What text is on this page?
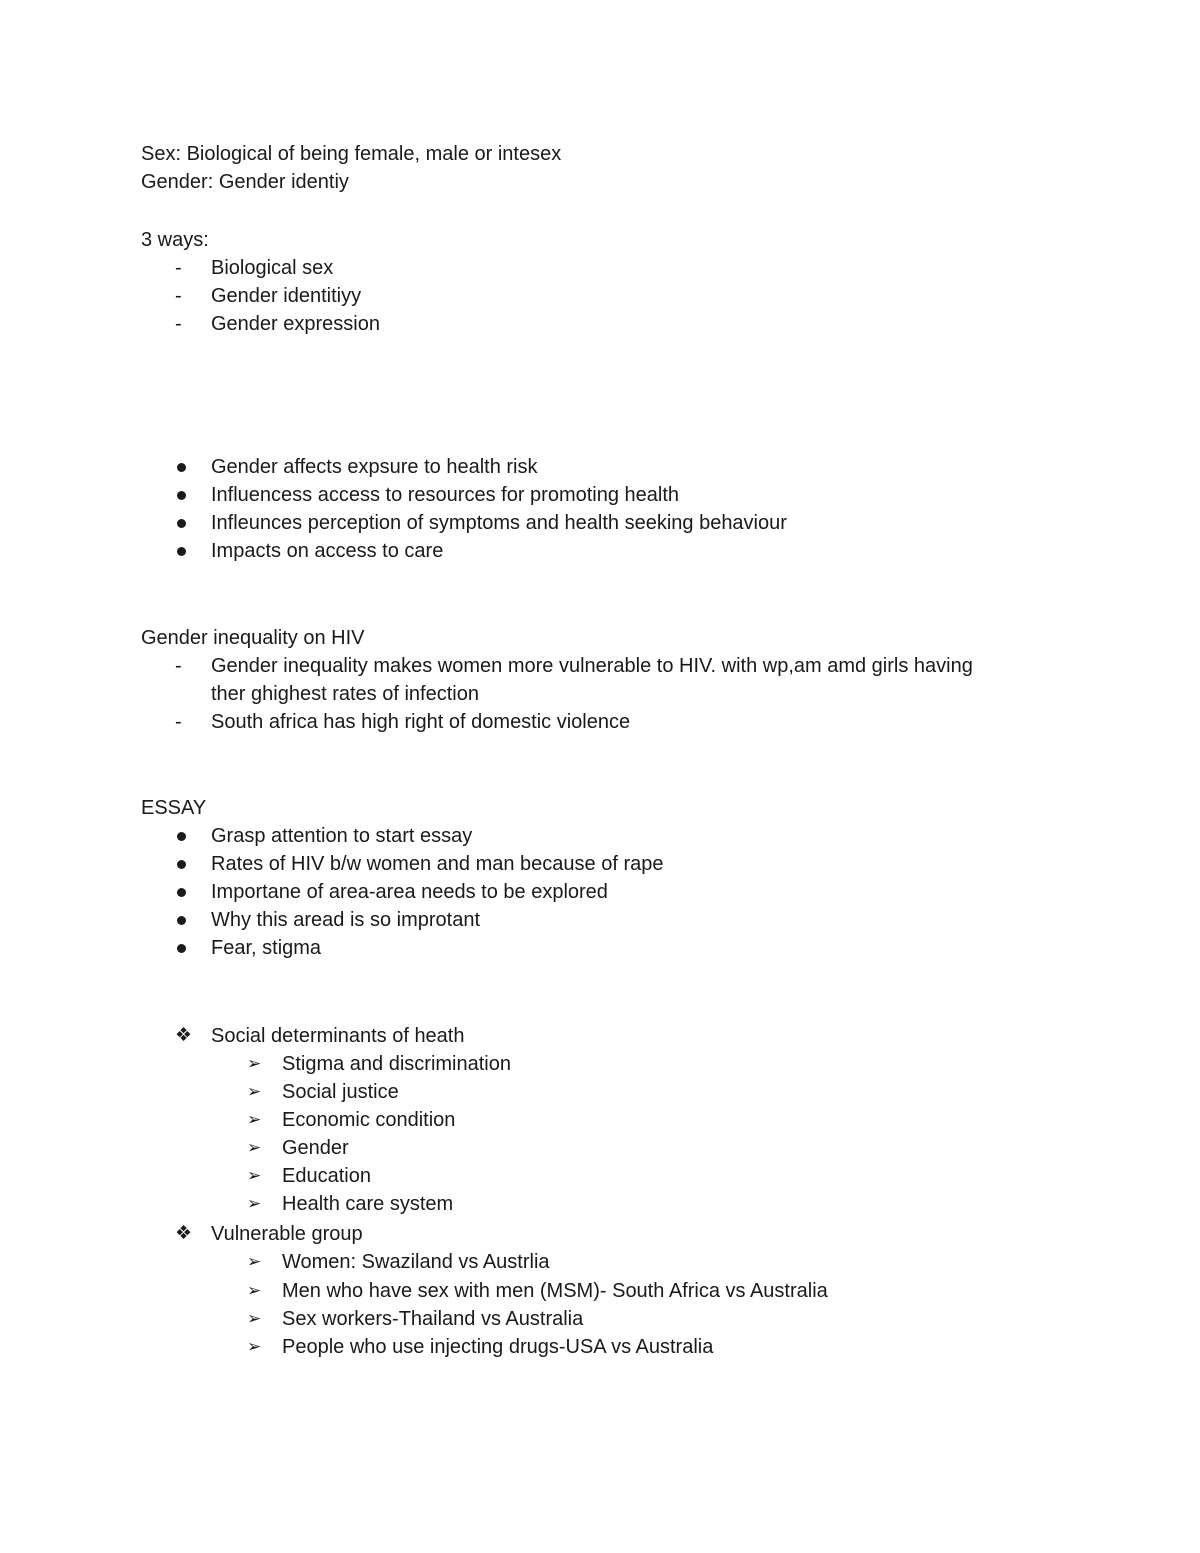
Sex: Biological of being female, male or intesex
Gender: Gender identiy
3 ways:
- Biological sex
- Gender identitiyy
- Gender expression
Gender affects expsure to health risk
Influencess access to resources for promoting health
Infleunces perception of symptoms and health seeking behaviour
Impacts on access to care
Gender inequality on HIV
- Gender inequality makes women more vulnerable to HIV. with wp,am amd girls having
ther ghighest rates of infection
- South africa has high right of domestic violence
ESSAY
Grasp attention to start essay
Rates of HIV b/w women and man because of rape
Importane of area-area needs to be explored
Why this aread is so improtant
Fear, stigma
❖ Social determinants of heath
➢ Stigma and discrimination
➢ Social justice
➢ Economic condition
➢ Gender
➢ Education
➢ Health care system
❖ Vulnerable group
➢ Women: Swaziland vs Austrlia
➢ Men who have sex with men (MSM)- South Africa vs Australia
➢ Sex workers-Thailand vs Australia
➢ People who use injecting drugs-USA vs Australia
